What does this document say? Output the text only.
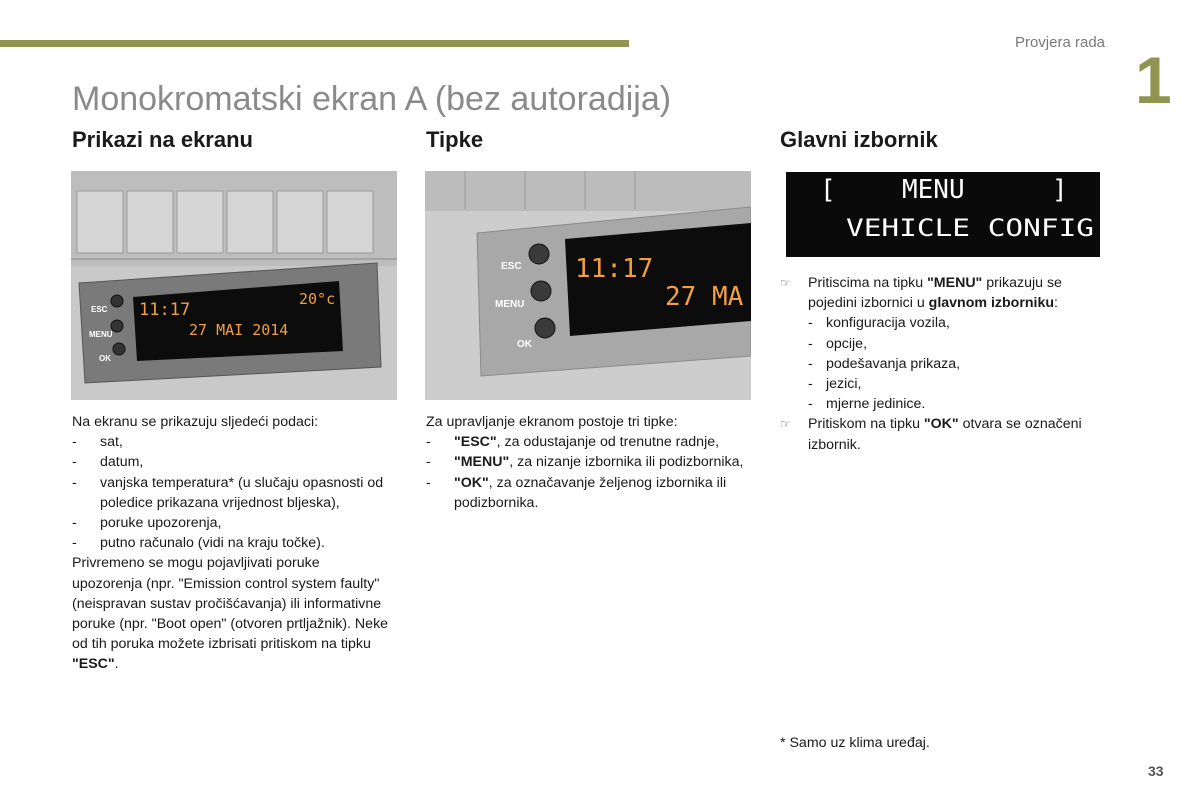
Provjera rada
1
Monokromatski ekran A (bez autoradija)
Prikazi na ekranu
ESC
MENU
OK
11:17
20°c
27 MAI 2014

Na ekranu se prikazuju sljedeći podaci:

- sat,
- datum,
- vanjska temperatura* (u slučaju opasnosti od poledice prikazana vrijednost bljeska),
- poruke upozorenja,
- putno računalo (vidi na kraju točke).

Privremeno se mogu pojavljivati poruke upozorenja (npr. "Emission control system faulty" (neispravan sustav pročišćavanja) ili informativne poruke (npr. "Boot open" (otvoren prtljažnik). Neke od tih poruka možete izbrisati pritiskom na tipku "ESC".

Tipke
ESC
MENU
OK
11:17
27 MA

Za upravljanje ekranom postoje tri tipke:

- "ESC", za odustajanje od trenutne radnje,
- "MENU", za nizanje izbornika ili podizbornika,
- "OK", za označavanje željenog izbornika ili podizbornika.
Glavni izbornik
[	MENU	]
VEHICLE CONFIG
☞ Pritiscima na tipku "MENU" prikazuju se pojedini izbornici u glavnom izborniku:
- konfiguracija vozila,
- opcije,
- podešavanja prikaza,
- jezici,
- mjerne jedinice.
☞ Pritiskom na tipku "OK" otvara se označeni izbornik.
* Samo uz klima uređaj.
33
